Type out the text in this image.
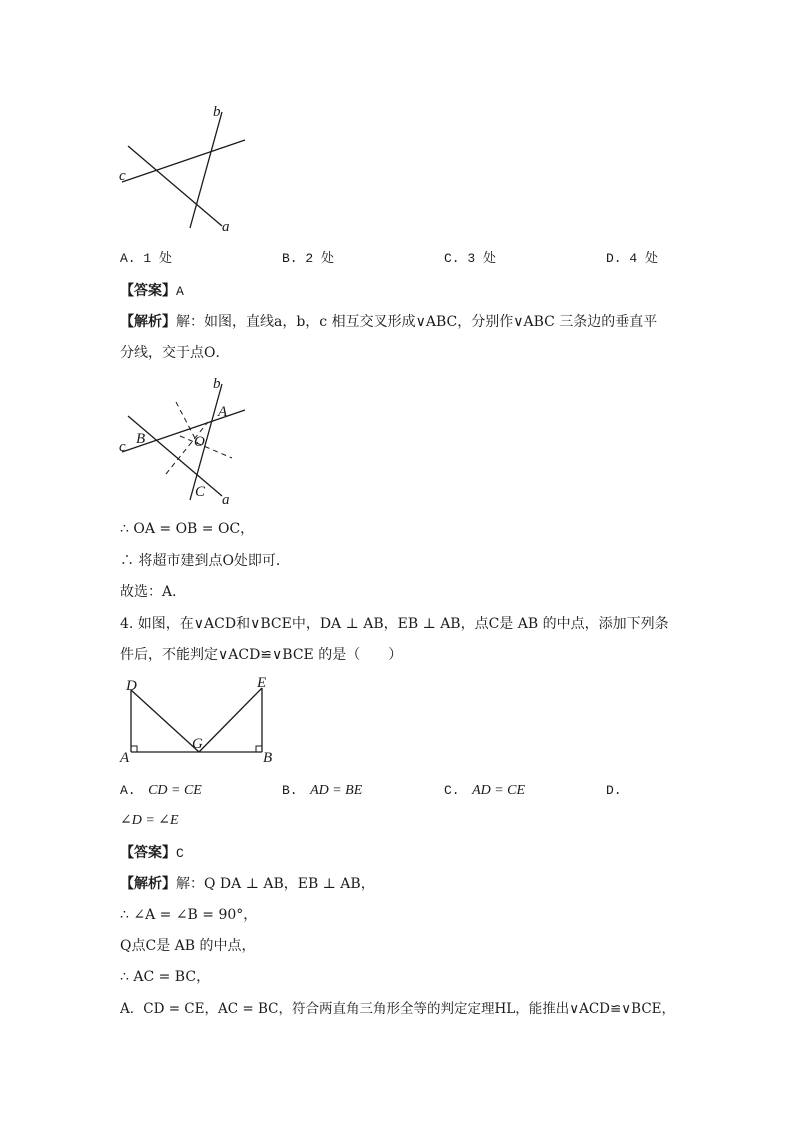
b
c
a
A. 1 处	B. 2 处	C. 3 处	D. 4 处
【答案】A
【解析】解：如图，直线a，b，c 相互交叉形成∨ABC，分别作∨ABC 三条边的垂直平
分线，交于点O．
b
A
B	O
c
C a
∴ OA = OB = OC，
∴ 将超市建到点O处即可．
故选：A．
4. 如图，在∨ACD和∨BCE中，DA ⊥ AB，EB ⊥ AB，点C是 AB 的中点，添加下列条
件后，不能判定∨ACD≌∨BCE 的是（　　）
D	E
A
G
B
A. CD = CE	B. AD = BE	C. AD = CE	D.
∠D = ∠E
【答案】C
【解析】解：Q DA ⊥ AB，EB ⊥ AB，
∴ ∠A = ∠B = 90°，
Q点C是 AB 的中点，
∴ AC = BC，
A．CD = CE，AC = BC，符合两直角三角形全等的判定定理HL，能推出∨ACD≌∨BCE，
